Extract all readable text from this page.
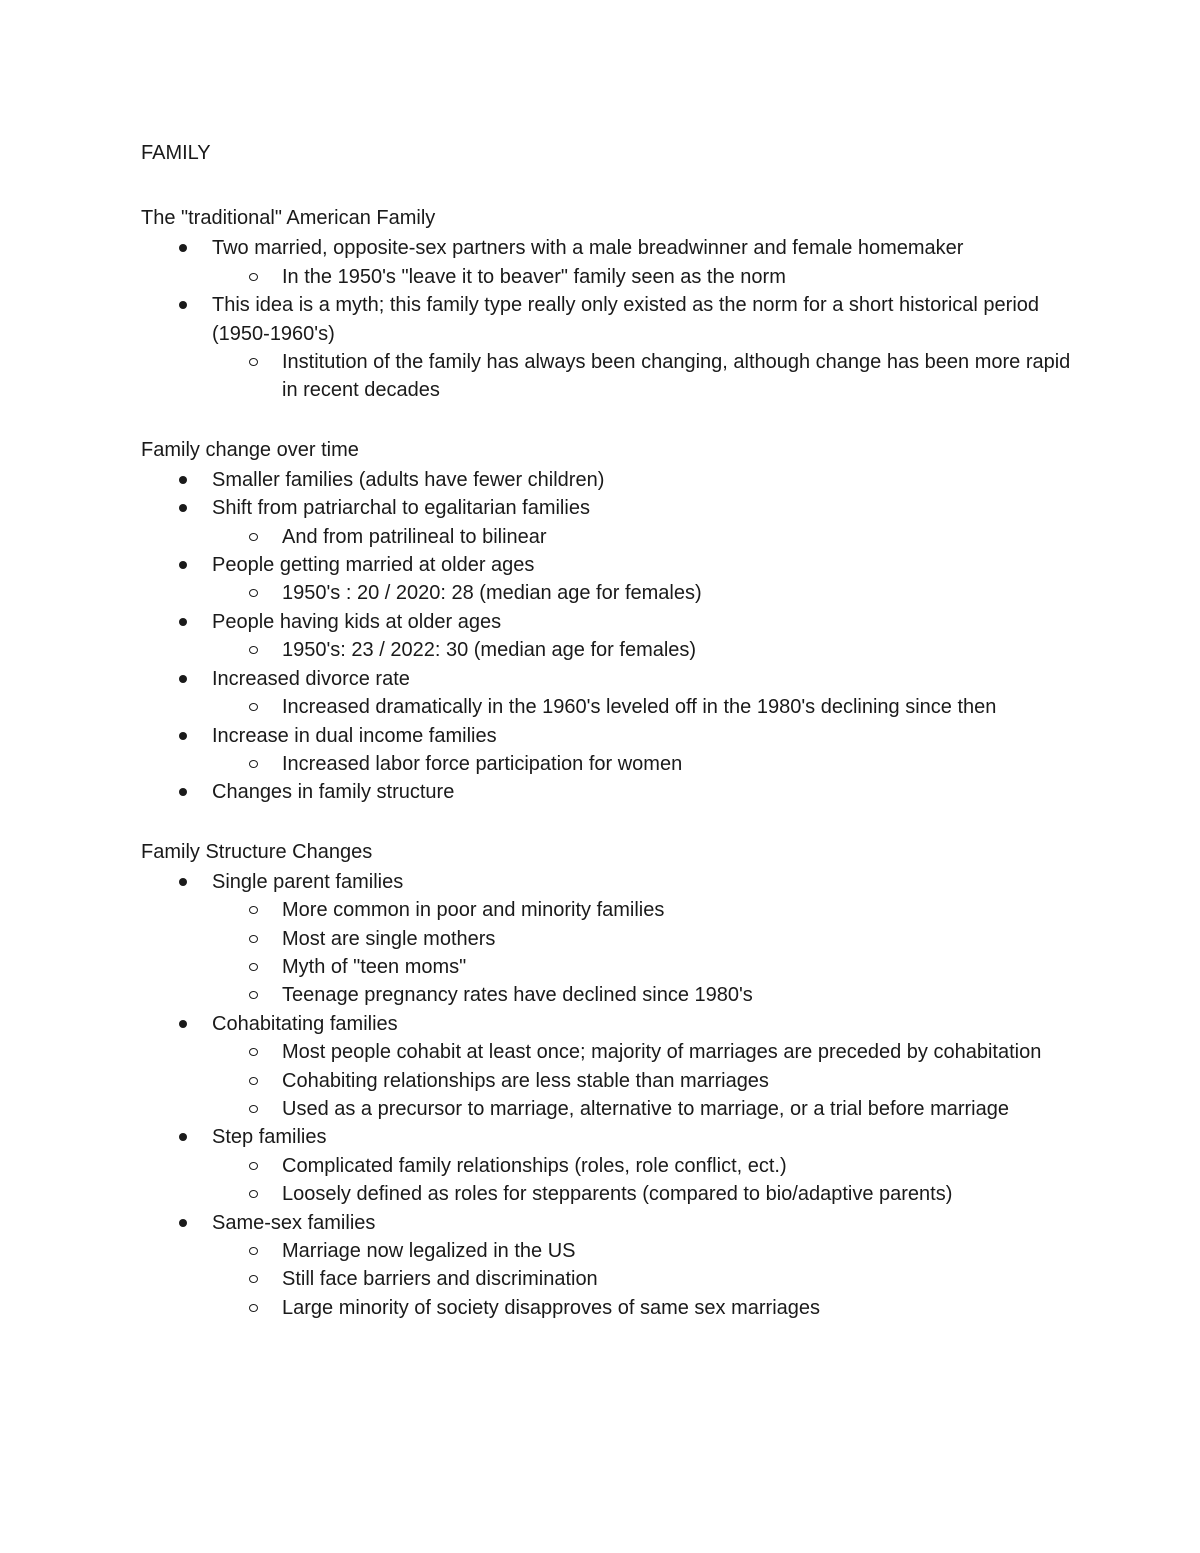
FAMILY
The "traditional" American Family
Two married, opposite-sex partners with a male breadwinner and female homemaker
In the 1950's "leave it to beaver" family seen as the norm
This idea is a myth; this family type really only existed as the norm for a short historical period (1950-1960's)
Institution of the family has always been changing, although change has been more rapid in recent decades
Family change over time
Smaller families (adults have fewer children)
Shift from patriarchal to egalitarian families
And from patrilineal to bilinear
People getting married at older ages
1950's : 20 / 2020: 28 (median age for females)
People having kids at older ages
1950's: 23 / 2022: 30 (median age for females)
Increased divorce rate
Increased dramatically in the 1960's leveled off in the 1980's declining since then
Increase in dual income families
Increased labor force participation for women
Changes in family structure
Family Structure Changes
Single parent families
More common in poor and minority families
Most are single mothers
Myth of "teen moms"
Teenage pregnancy rates have declined since 1980's
Cohabitating families
Most people cohabit at least once; majority of marriages are preceded by cohabitation
Cohabiting relationships are less stable than marriages
Used as a precursor to marriage, alternative to marriage, or a trial before marriage
Step families
Complicated family relationships (roles, role conflict, ect.)
Loosely defined as roles for stepparents (compared to bio/adaptive parents)
Same-sex families
Marriage now legalized in the US
Still face barriers and discrimination
Large minority of society disapproves of same sex marriages
